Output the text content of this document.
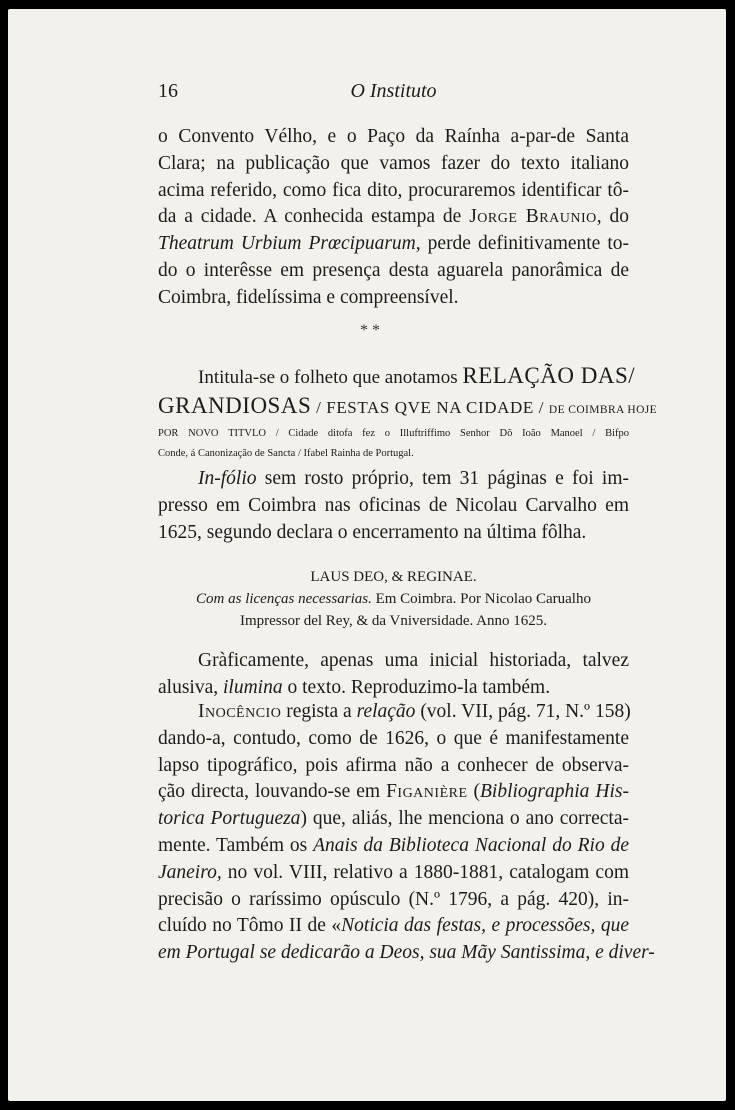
16	O Instituto
o Convento Vélho, e o Paço da Raínha a-par-de Santa
Clara; na publicação que vamos fazer do texto italiano
acima referido, como fica dito, procuraremos identificar tô-
da a cidade. A conhecida estampa de Jorge Braunio, do
Theatrum Urbium Prœcipuarum, perde definitivamente to-
do o interêsse em presença desta aguarela panorâmica de
Coimbra, fidelíssima e compreensível.
* *
Intitula-se o folheto que anotamos RELAÇÃO DAS/
GRANDIOSAS / FESTAS QVE NA CIDADE / DE COIMBRA HOJE
POR NOVO TITVLO / Cidade ditofa fez o Illuftriffimo Senhor Dõ Ioão Manoel / Bifpo
Conde, á Canonização de Sancta / Ifabel Rainha de Portugal.
In-fólio sem rosto próprio, tem 31 páginas e foi im-
presso em Coimbra nas oficinas de Nicolau Carvalho em
1625, segundo declara o encerramento na última fôlha.
LAUS DEO, & REGINAE.
Com as licenças necessarias. Em Coimbra. Por Nicolao Carualho
Impressor del Rey, & da Vniversidade. Anno 1625.
Gràficamente, apenas uma inicial historiada, talvez
alusiva, ilumina o texto. Reproduzimo-la também.
Inocêncio regista a relação (vol. VII, pág. 71, N.º 158)
dando-a, contudo, como de 1626, o que é manifestamente
lapso tipográfico, pois afirma não a conhecer de observa-
ção directa, louvando-se em Figanière (Bibliographia His-
torica Portugueza) que, aliás, lhe menciona o ano correcta-
mente. Também os Anais da Biblioteca Nacional do Rio de
Janeiro, no vol. VIII, relativo a 1880-1881, catalogam com
precisão o raríssimo opúsculo (N.º 1796, a pág. 420), in-
cluído no Tômo II de «Noticia das festas, e processões, que
em Portugal se dedicarão a Deos, sua Mãy Santissima, e diver-
